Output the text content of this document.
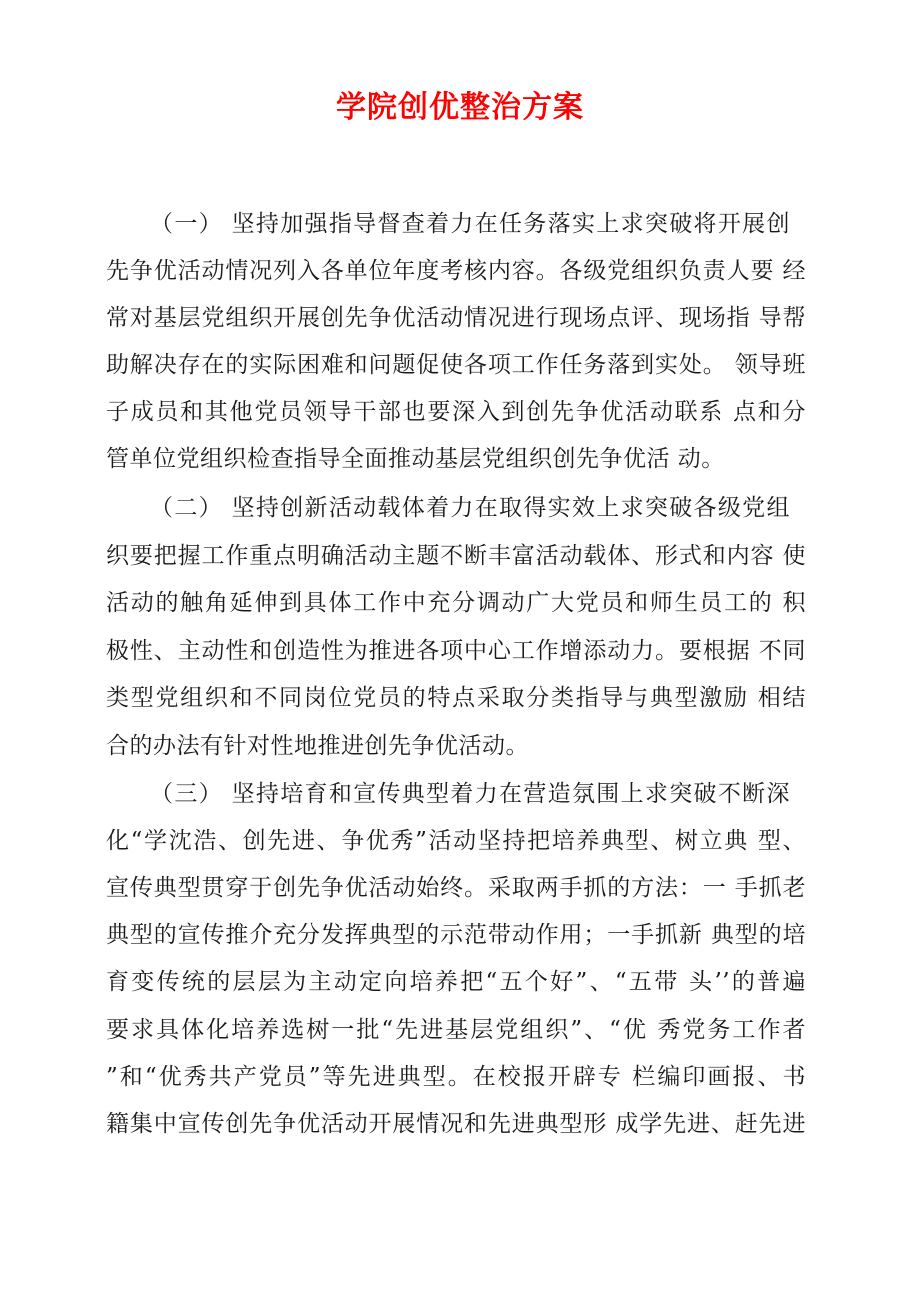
学院创优整治方案
（一） 坚持加强指导督查着力在任务落实上求突破将开展创
先争优活动情况列入各单位年度考核内容。各级党组织负责人要 经
常对基层党组织开展创先争优活动情况进行现场点评、现场指 导帮
助解决存在的实际困难和问题促使各项工作任务落到实处。 领导班
子成员和其他党员领导干部也要深入到创先争优活动联系 点和分
管单位党组织检查指导全面推动基层党组织创先争优活 动。
（二） 坚持创新活动载体着力在取得实效上求突破各级党组
织要把握工作重点明确活动主题不断丰富活动载体、形式和内容 使
活动的触角延伸到具体工作中充分调动广大党员和师生员工的 积
极性、主动性和创造性为推进各项中心工作增添动力。要根据 不同
类型党组织和不同岗位党员的特点采取分类指导与典型激励 相结
合的办法有针对性地推进创先争优活动。
（三） 坚持培育和宣传典型着力在营造氛围上求突破不断深
化“学沈浩、创先进、争优秀”活动坚持把培养典型、树立典 型、
宣传典型贯穿于创先争优活动始终。采取两手抓的方法：一 手抓老
典型的宣传推介充分发挥典型的示范带动作用；一手抓新 典型的培
育变传统的层层为主动定向培养把“五个好”、“五带 头’’的普遍
要求具体化培养选树一批“先进基层党组织”、“优 秀党务工作者
”和“优秀共产党员”等先进典型。在校报开辟专 栏编印画报、书
籍集中宣传创先争优活动开展情况和先进典型形 成学先进、赶先进
